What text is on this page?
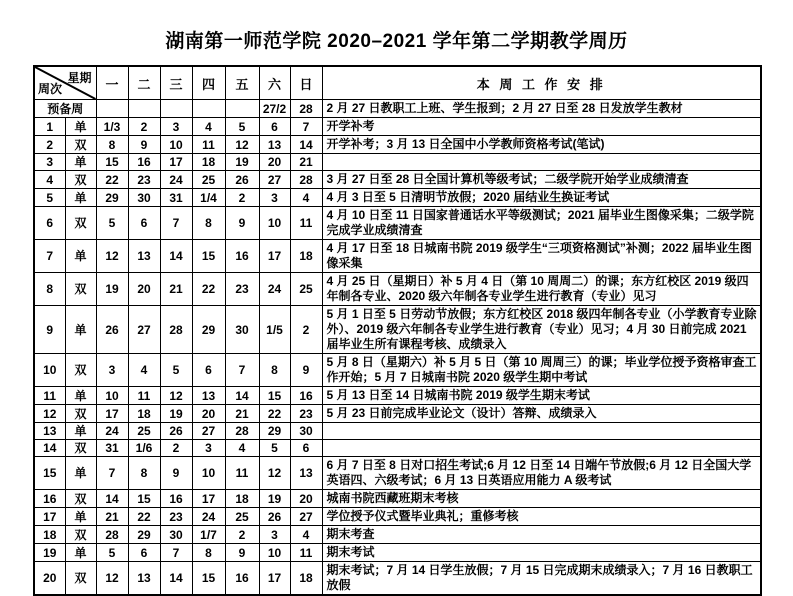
湖南第一师范学院 2020–2021 学年第二学期教学周历
星期
周次		一	二	三	四	五	六	日	本 周 工 作 安 排
预备周							27/2	28	2 月 27 日教职工上班、学生报到；2 月 27 日至 28 日发放学生教材
1	单	1/3	2	3	4	5	6	7	开学补考
2	双	8	9	10	11	12	13	14	开学补考；3 月 13 日全国中小学教师资格考试(笔试)
3	单	15	16	17	18	19	20	21	
4	双	22	23	24	25	26	27	28	3 月 27 日至 28 日全国计算机等级考试；二级学院开始学业成绩清查
5	单	29	30	31	1/4	2	3	4	4 月 3 日至 5 日清明节放假；2020 届结业生换证考试
6	双	5	6	7	8	9	10	11	4 月 10 日至 11 日国家普通话水平等级测试；2021 届毕业生图像采集；二级学院完成学业成绩清查
7	单	12	13	14	15	16	17	18	4 月 17 日至 18 日城南书院 2019 级学生“三项资格测试”补测；2022 届毕业生图像采集
8	双	19	20	21	22	23	24	25	4 月 25 日（星期日）补 5 月 4 日（第 10 周周二）的课；东方红校区 2019 级四年制各专业、2020 级六年制各专业学生进行教育（专业）见习
9	单	26	27	28	29	30	1/5	2	5 月 1 日至 5 日劳动节放假；东方红校区 2018 级四年制各专业（小学教育专业除外）、2019 级六年制各专业学生进行教育（专业）见习；4 月 30 日前完成 2021 届毕业生所有课程考核、成绩录入
10	双	3	4	5	6	7	8	9	5 月 8 日（星期六）补 5 月 5 日（第 10 周周三）的课；毕业学位授予资格审查工作开始；5 月 7 日城南书院 2020 级学生期中考试
11	单	10	11	12	13	14	15	16	5 月 13 日至 14 日城南书院 2019 级学生期末考试
12	双	17	18	19	20	21	22	23	5 月 23 日前完成毕业论文（设计）答辩、成绩录入
13	单	24	25	26	27	28	29	30	
14	双	31	1/6	2	3	4	5	6	
15	单	7	8	9	10	11	12	13	6 月 7 日至 8 日对口招生考试;6 月 12 日至 14 日端午节放假;6 月 12 日全国大学英语四、六级考试；6 月 13 日英语应用能力 A 级考试
16	双	14	15	16	17	18	19	20	城南书院西藏班期末考核
17	单	21	22	23	24	25	26	27	学位授予仪式暨毕业典礼；重修考核
18	双	28	29	30	1/7	2	3	4	期末考查
19	单	5	6	7	8	9	10	11	期末考试
20	双	12	13	14	15	16	17	18	期末考试；7 月 14 日学生放假；7 月 15 日完成期末成绩录入；7 月 16 日教职工放假
